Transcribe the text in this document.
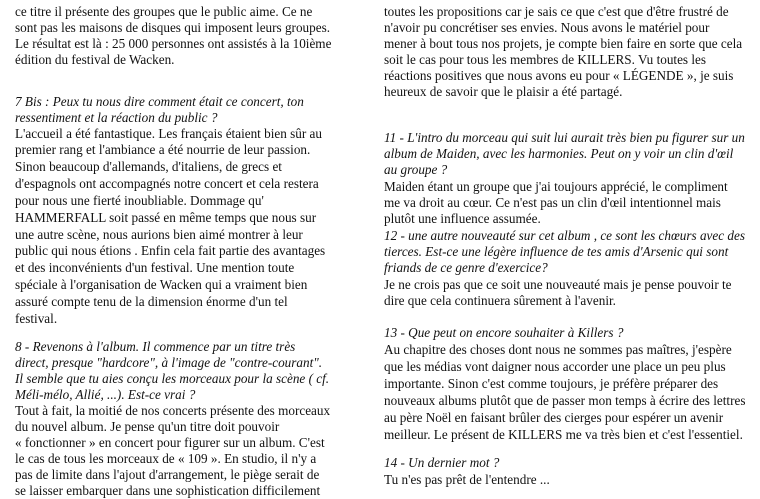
ce titre il présente des groupes que le public aime. Ce ne
sont pas les maisons de disques qui imposent leurs groupes.
Le résultat est là : 25 000 personnes ont assistés à la 10ième
édition du festival de Wacken.
7 Bis : Peux tu nous dire comment était ce concert, ton
ressentiment et la réaction du public ?
L'accueil a été fantastique. Les français étaient bien sûr au
premier rang et l'ambiance a été nourrie de leur passion.
Sinon beaucoup d'allemands, d'italiens, de grecs et
d'espagnols ont accompagnés notre concert et cela restera
pour nous une fierté inoubliable. Dommage qu'
HAMMERFALL soit passé en même temps que nous sur
une autre scène, nous aurions bien aimé montrer à leur
public qui nous étions . Enfin cela fait partie des avantages
et des inconvénients d'un festival. Une mention toute
spéciale à l'organisation de Wacken qui a vraiment bien
assuré compte tenu de la dimension énorme d'un tel
festival.
8 - Revenons à l'album. Il commence par un titre très
direct, presque "hardcore", à l'image de "contre-courant".
Il semble que tu aies conçu les morceaux pour la scène ( cf.
Méli-mélo, Allié, ...). Est-ce vrai ?
Tout à fait, la moitié de nos concerts présente des morceaux
du nouvel album. Je pense qu'un titre doit pouvoir
« fonctionner » en concert pour figurer sur un album. C'est
le cas de tous les morceaux de « 109 ». En studio, il n'y a
pas de limite dans l'ajout d'arrangement, le piège serait de
se laisser embarquer dans une sophistication difficilement
toutes les propositions car je sais ce que c'est que d'être frustré de
n'avoir pu concrétiser ses envies. Nous avons le matériel pour
mener à bout tous nos projets, je compte bien faire en sorte que cela
soit le cas pour tous les membres de KILLERS. Vu toutes les
réactions positives que nous avons eu pour « LÉGENDE », je suis
heureux de savoir que le plaisir a été partagé.
11 - L'intro du morceau qui suit lui aurait très bien pu figurer sur un
album de Maiden, avec les harmonies. Peut on y voir un clin d'œil
au groupe ?
Maiden étant un groupe que j'ai toujours apprécié, le compliment
me va droit au cœur. Ce n'est pas un clin d'œil intentionnel mais
plutôt une influence assumée.
12 - une autre nouveauté sur cet album , ce sont les chœurs avec des
tierces. Est-ce une légère influence de tes amis d'Arsenic qui sont
friands de ce genre d'exercice?
Je ne crois pas que ce soit une nouveauté mais je pense pouvoir te
dire que cela continuera sûrement à l'avenir.
13 - Que peut on encore souhaiter à Killers ?
Au chapitre des choses dont nous ne sommes pas maîtres, j'espère
que les médias vont daigner nous accorder une place un peu plus
importante. Sinon c'est comme toujours, je préfère préparer des
nouveaux albums plutôt que de passer mon temps à écrire des lettres
au père Noël en faisant brûler des cierges pour espérer un avenir
meilleur. Le présent de KILLERS me va très bien et c'est l'essentiel.
14 - Un dernier mot ?
Tu n'es pas prêt de l'entendre ...
